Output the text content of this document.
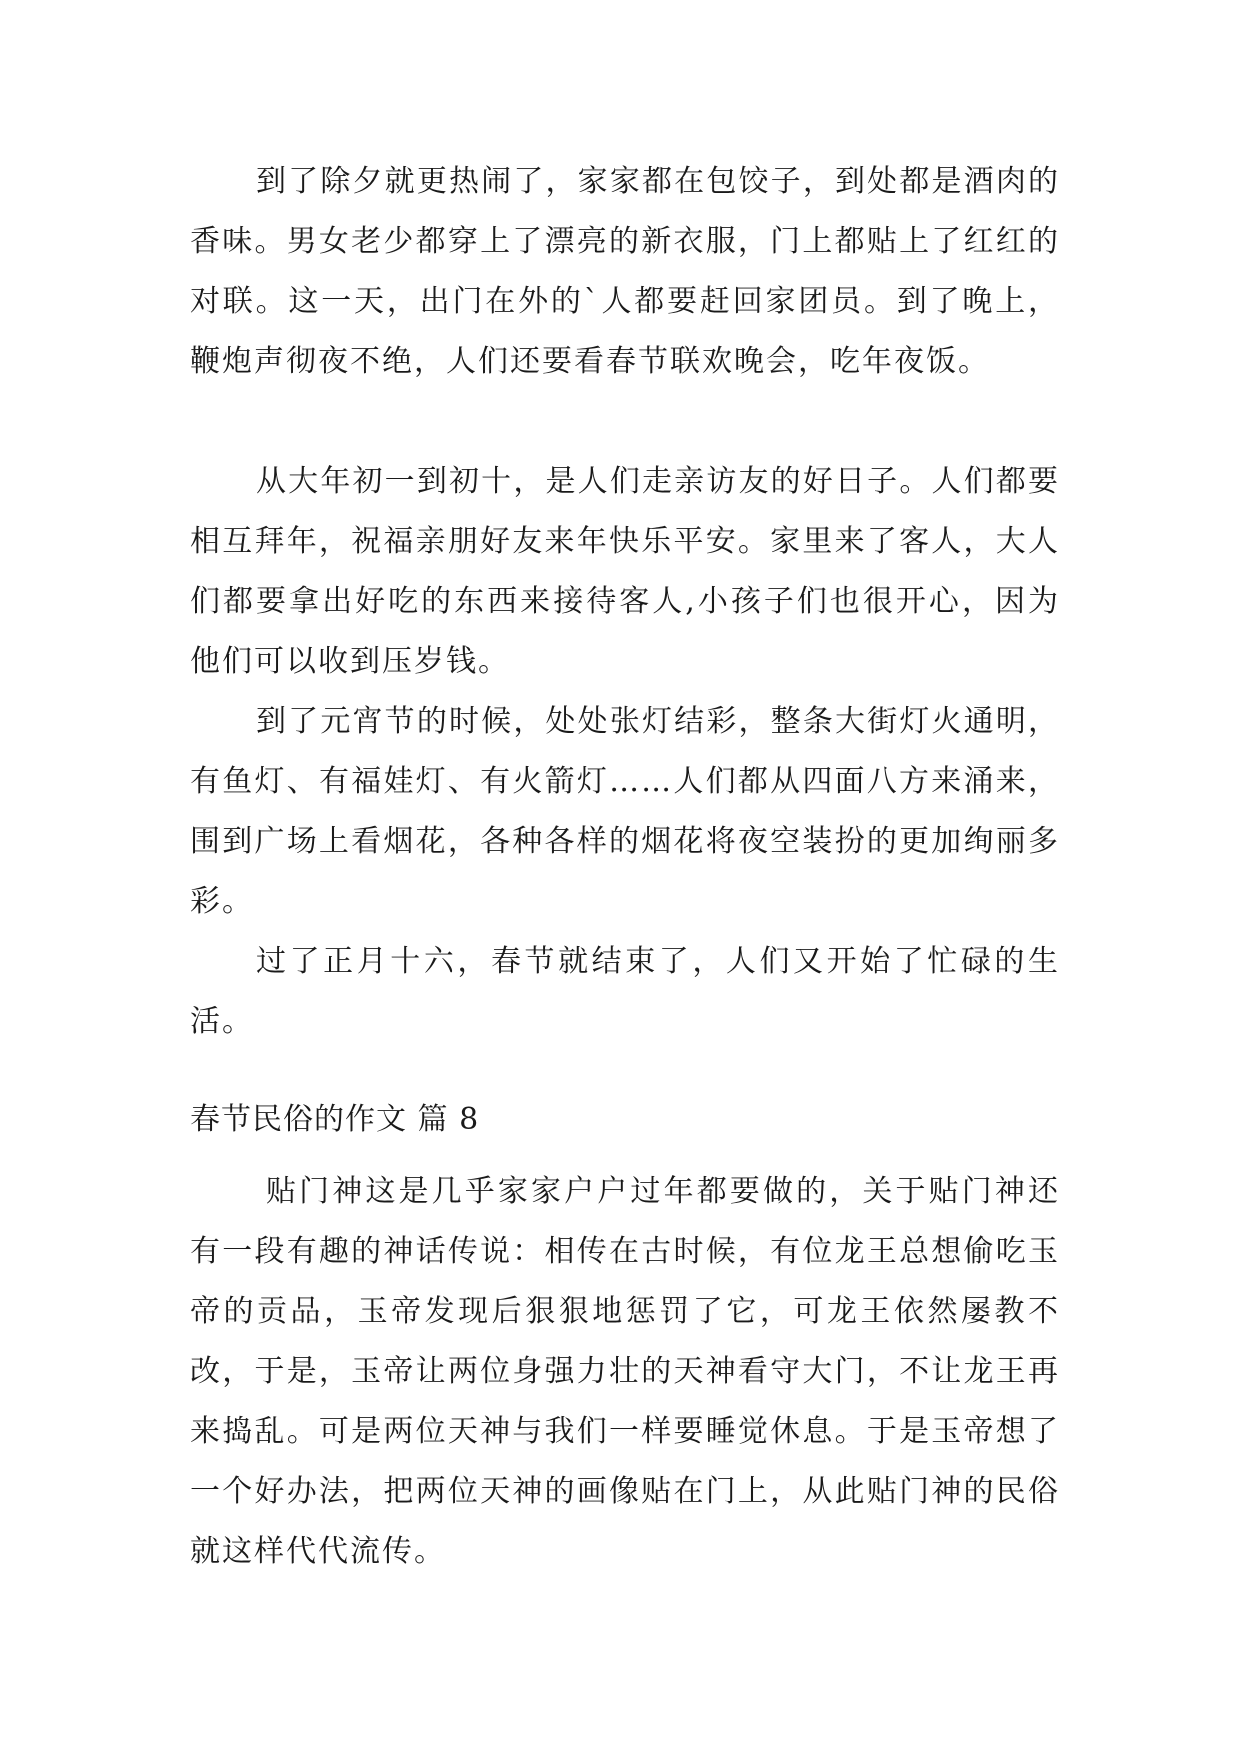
到了除夕就更热闹了，家家都在包饺子，到处都是酒肉的香味。男女老少都穿上了漂亮的新衣服，门上都贴上了红红的对联。这一天，出门在外的`人都要赶回家团员。到了晚上，鞭炮声彻夜不绝，人们还要看春节联欢晚会，吃年夜饭。

从大年初一到初十，是人们走亲访友的好日子。人们都要相互拜年，祝福亲朋好友来年快乐平安。家里来了客人，大人们都要拿出好吃的东西来接待客人,小孩子们也很开心，因为他们可以收到压岁钱。

到了元宵节的时候，处处张灯结彩，整条大街灯火通明，有鱼灯、有福娃灯、有火箭灯……人们都从四面八方来涌来，围到广场上看烟花，各种各样的烟花将夜空装扮的更加绚丽多彩。

过了正月十六，春节就结束了，人们又开始了忙碌的生活。

春节民俗的作文 篇 8

贴门神这是几乎家家户户过年都要做的，关于贴门神还有一段有趣的神话传说：相传在古时候，有位龙王总想偷吃玉帝的贡品，玉帝发现后狠狠地惩罚了它，可龙王依然屡教不改，于是，玉帝让两位身强力壮的天神看守大门，不让龙王再来捣乱。可是两位天神与我们一样要睡觉休息。于是玉帝想了一个好办法，把两位天神的画像贴在门上，从此贴门神的民俗就这样代代流传。
